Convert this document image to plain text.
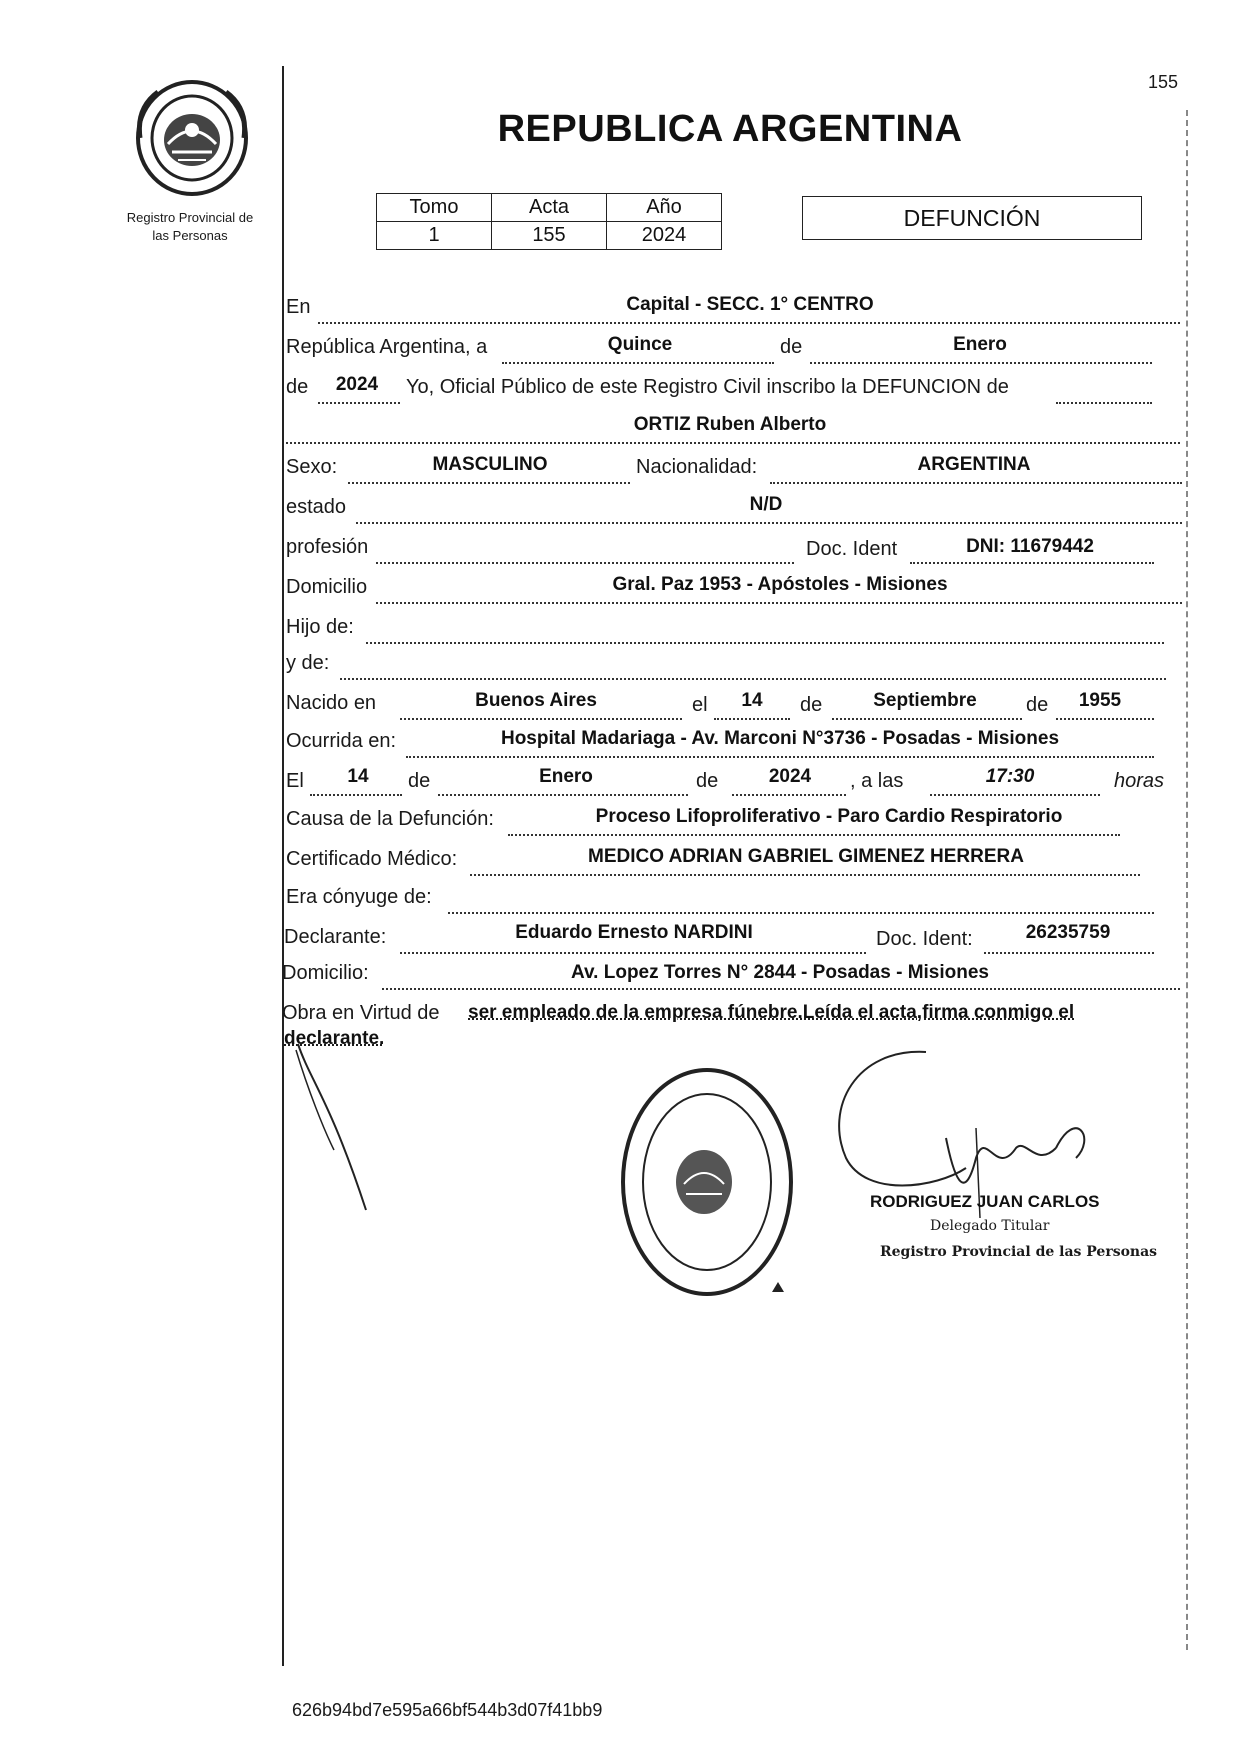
155
Registro Provincial de
las Personas
REPUBLICA ARGENTINA
Tomo	Acta	Año
1	155	2024
DEFUNCIÓN
En	Capital - SECC. 1° CENTRO
República Argentina, a	Quince	de	Enero
de 2024 Yo, Oficial Público de este Registro Civil inscribo la DEFUNCION de
ORTIZ Ruben Alberto
Sexo:	MASCULINO	Nacionalidad:	ARGENTINA
estado	N/D
profesión	Doc. Ident	DNI: 11679442
Domicilio	Gral. Paz 1953 - Apóstoles - Misiones
Hijo de:
y de:
Nacido en	Buenos Aires	el 14 de	Septiembre de 1955
Ocurrida en:	Hospital Madariaga - Av. Marconi N°3736 - Posadas - Misiones
El 14 de	Enero	de	2024 , a las	17:30	horas
Causa de la Defunción:	Proceso Lifoproliferativo - Paro Cardio Respiratorio
Certificado Médico:	MEDICO ADRIAN GABRIEL GIMENEZ HERRERA
Era cónyuge de:
Declarante:	Eduardo Ernesto NARDINI	Doc. Ident:	26235759
Domicilio:	Av. Lopez Torres N° 2844 - Posadas - Misiones
Obra en Virtud de ser empleado de la empresa fúnebre.Leída el acta,firma conmigo el
declarante.
RODRIGUEZ JUAN CARLOS
Delegado Titular
Registro Provincial de las Personas
626b94bd7e595a66bf544b3d07f41bb9
